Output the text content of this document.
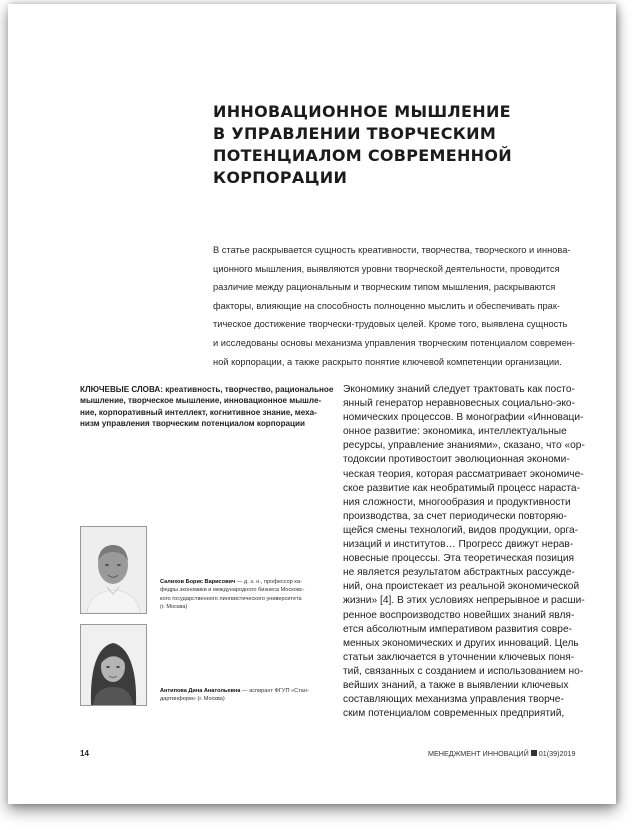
ИННОВАЦИОННОЕ МЫШЛЕНИЕ
В УПРАВЛЕНИИ ТВОРЧЕСКИМ
ПОТЕНЦИАЛОМ СОВРЕМЕННОЙ
КОРПОРАЦИИ
В статье раскрывается сущность креативности, творчества, творческого и иннова-
ционного мышления, выявляются уровни творческой деятельности, проводится
различие между рациональным и творческим типом мышления, раскрываются
факторы, влияющие на способность полноценно мыслить и обеспечивать прак-
тическое достижение творчески-трудовых целей. Кроме того, выявлена сущность
и исследованы основы механизма управления творческим потенциалом современ-
ной корпорации, а также раскрыто понятие ключевой компетенции организации.
КЛЮЧЕВЫЕ СЛОВА: креативность, творчество, рациональное
мышление, творческое мышление, инновационное мышле-
ние, корпоративный интеллект, когнитивное знание, меха-
низм управления творческим потенциалом корпорации
Экономику знаний следует трактовать как посто-
янный генератор неравновесных социально-эко-
номических процессов. В монографии «Инноваци-
онное развитие: экономика, интеллектуальные
ресурсы, управление знаниями», сказано, что «ор-
тодоксии противостоит эволюционная экономи-
ческая теория, которая рассматривает экономиче-
ское развитие как необратимый процесс нараста-
ния сложности, многообразия и продуктивности
производства, за счет периодически повторяю-
щейся смены технологий, видов продукции, орга-
низаций и институтов… Прогресс движут нерав-
новесные процессы. Эта теоретическая позиция
не является результатом абстрактных рассужде-
ний, она проистекает из реальной экономической
жизни» [4]. В этих условиях непрерывное и расши-
ренное воспроизводство новейших знаний явля-
ется абсолютным императивом развития совре-
менных экономических и других инноваций. Цель
статьи заключается в уточнении ключевых поня-
тий, связанных с созданием и использованием но-
вейших знаний, а также в выявлении ключевых
составляющих механизма управления творче-
ским потенциалом современных предприятий,
Салихов Борис Варисович — д. э. н., профессор ка-
федры экономики и международного бизнеса Московс-
кого государственного лингвистического университета
(г. Москва)
Антипова Дина Анатольевна — аспирант ФГУП «Стан-
дартинформ» (г. Москва)
14	МЕНЕДЖМЕНТ ИННОВАЦИЙ 01(39)2019
